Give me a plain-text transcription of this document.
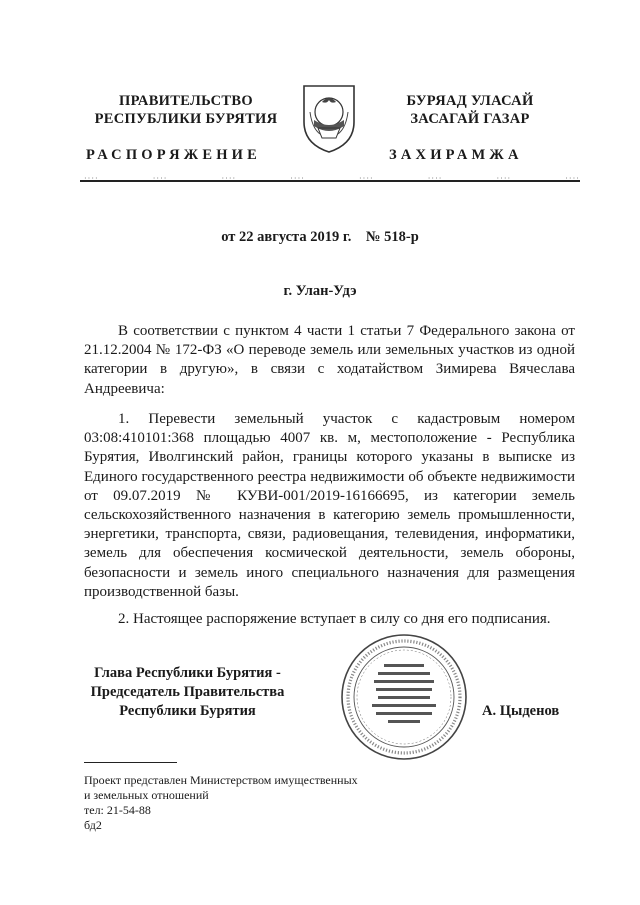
ПРАВИТЕЛЬСТВО
РЕСПУБЛИКИ БУРЯТИЯ
БУРЯАД УЛАСАЙ
ЗАСАГАЙ ГАЗАР
РАСПОРЯЖЕНИЕ	ЗАХИРАМЖА
····	····	····	····	····	····	····	····
от 22 августа 2019 г.    № 518-р
г. Улан-Удэ

В соответствии с пунктом 4 части 1 статьи 7 Федерального закона от 21.12.2004 № 172-ФЗ «О переводе земель или земельных участков из одной категории в другую», в связи с ходатайством Зимирева Вячеслава Андреевича:

1. Перевести земельный участок с кадастровым номером 03:08:410101:368 площадью 4007 кв. м, местоположение - Республика Бурятия, Иволгинский район, границы которого указаны в выписке из Единого государственного реестра недвижимости об объекте недвижимости от 09.07.2019 № КУВИ-001/2019-16166695, из категории земель сельскохозяйственного назначения в категорию земель промышленности, энергетики, транспорта, связи, радиовещания, телевидения, информатики, земель для обеспечения космической деятельности, земель обороны, безопасности и земель иного специального назначения для размещения производственной базы.

2. Настоящее распоряжение вступает в силу со дня его подписания.

Глава Республики Бурятия -
Председатель Правительства
Республики Бурятия	А. Цыденов
Проект представлен Министерством имущественных
и земельных отношений
тел: 21-54-88
бд2
